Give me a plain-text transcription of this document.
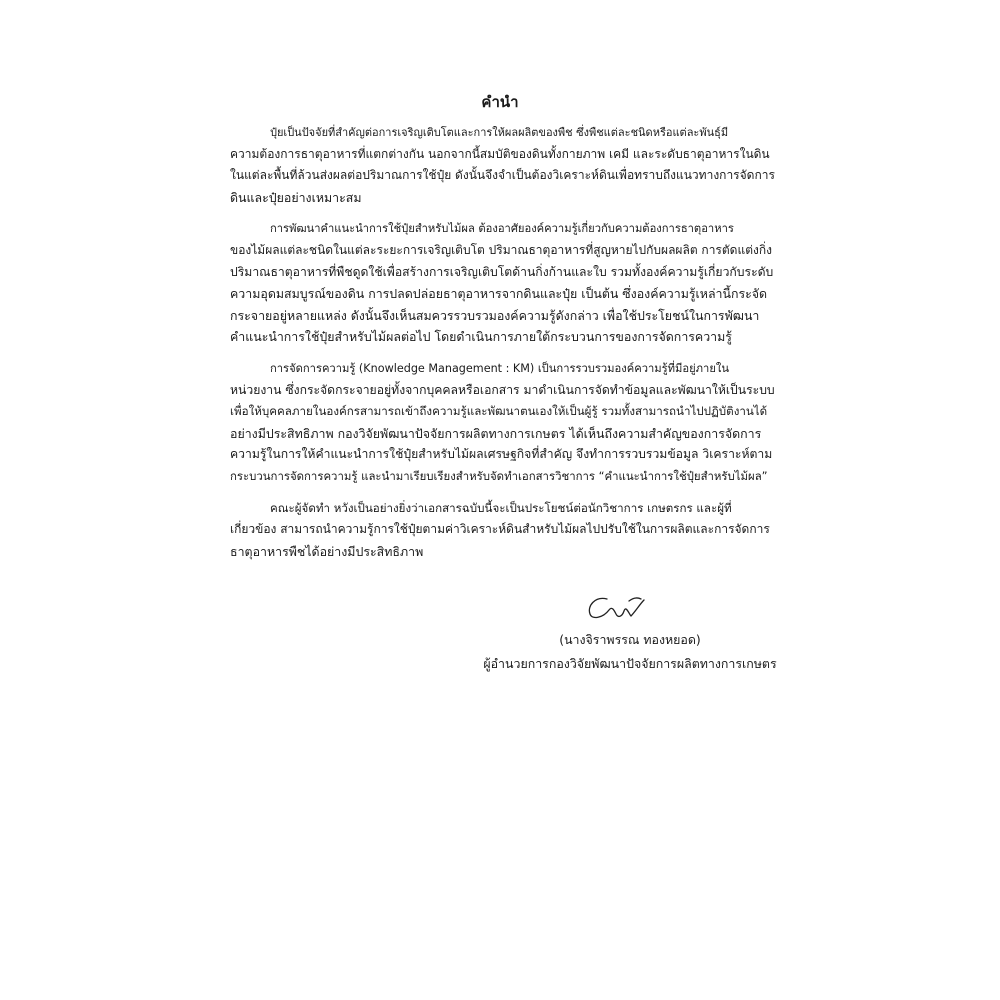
คำนำ

ปุ๋ยเป็นปัจจัยที่สำคัญต่อการเจริญเติบโตและการให้ผลผลิตของพืช ซึ่งพืชแต่ละชนิดหรือแต่ละพันธุ์มี
ความต้องการธาตุอาหารที่แตกต่างกัน นอกจากนี้สมบัติของดินทั้งกายภาพ เคมี และระดับธาตุอาหารในดิน
ในแต่ละพื้นที่ล้วนส่งผลต่อปริมาณการใช้ปุ๋ย ดังนั้นจึงจำเป็นต้องวิเคราะห์ดินเพื่อทราบถึงแนวทางการจัดการ
ดินและปุ๋ยอย่างเหมาะสม

การพัฒนาคำแนะนำการใช้ปุ๋ยสำหรับไม้ผล ต้องอาศัยองค์ความรู้เกี่ยวกับความต้องการธาตุอาหาร
ของไม้ผลแต่ละชนิดในแต่ละระยะการเจริญเติบโต ปริมาณธาตุอาหารที่สูญหายไปกับผลผลิต การตัดแต่งกิ่ง
ปริมาณธาตุอาหารที่พืชดูดใช้เพื่อสร้างการเจริญเติบโตด้านกิ่งก้านและใบ รวมทั้งองค์ความรู้เกี่ยวกับระดับ
ความอุดมสมบูรณ์ของดิน การปลดปล่อยธาตุอาหารจากดินและปุ๋ย เป็นต้น ซึ่งองค์ความรู้เหล่านี้กระจัด
กระจายอยู่หลายแหล่ง ดังนั้นจึงเห็นสมควรรวบรวมองค์ความรู้ดังกล่าว เพื่อใช้ประโยชน์ในการพัฒนา
คำแนะนำการใช้ปุ๋ยสำหรับไม้ผลต่อไป โดยดำเนินการภายใต้กระบวนการของการจัดการความรู้

การจัดการความรู้ (Knowledge Management : KM) เป็นการรวบรวมองค์ความรู้ที่มีอยู่ภายใน
หน่วยงาน ซึ่งกระจัดกระจายอยู่ทั้งจากบุคคลหรือเอกสาร มาดำเนินการจัดทำข้อมูลและพัฒนาให้เป็นระบบ
เพื่อให้บุคคลภายในองค์กรสามารถเข้าถึงความรู้และพัฒนาตนเองให้เป็นผู้รู้ รวมทั้งสามารถนำไปปฏิบัติงานได้
อย่างมีประสิทธิภาพ กองวิจัยพัฒนาปัจจัยการผลิตทางการเกษตร ได้เห็นถึงความสำคัญของการจัดการ
ความรู้ในการให้คำแนะนำการใช้ปุ๋ยสำหรับไม้ผลเศรษฐกิจที่สำคัญ จึงทำการรวบรวมข้อมูล วิเคราะห์ตาม
กระบวนการจัดการความรู้ และนำมาเรียบเรียงสำหรับจัดทำเอกสารวิชาการ “คำแนะนำการใช้ปุ๋ยสำหรับไม้ผล”

คณะผู้จัดทำ หวังเป็นอย่างยิ่งว่าเอกสารฉบับนี้จะเป็นประโยชน์ต่อนักวิชาการ เกษตรกร และผู้ที่
เกี่ยวข้อง สามารถนำความรู้การใช้ปุ๋ยตามค่าวิเคราะห์ดินสำหรับไม้ผลไปปรับใช้ในการผลิตและการจัดการ
ธาตุอาหารพืชได้อย่างมีประสิทธิภาพ

(นางจิราพรรณ ทองหยอด)
ผู้อำนวยการกองวิจัยพัฒนาปัจจัยการผลิตทางการเกษตร
